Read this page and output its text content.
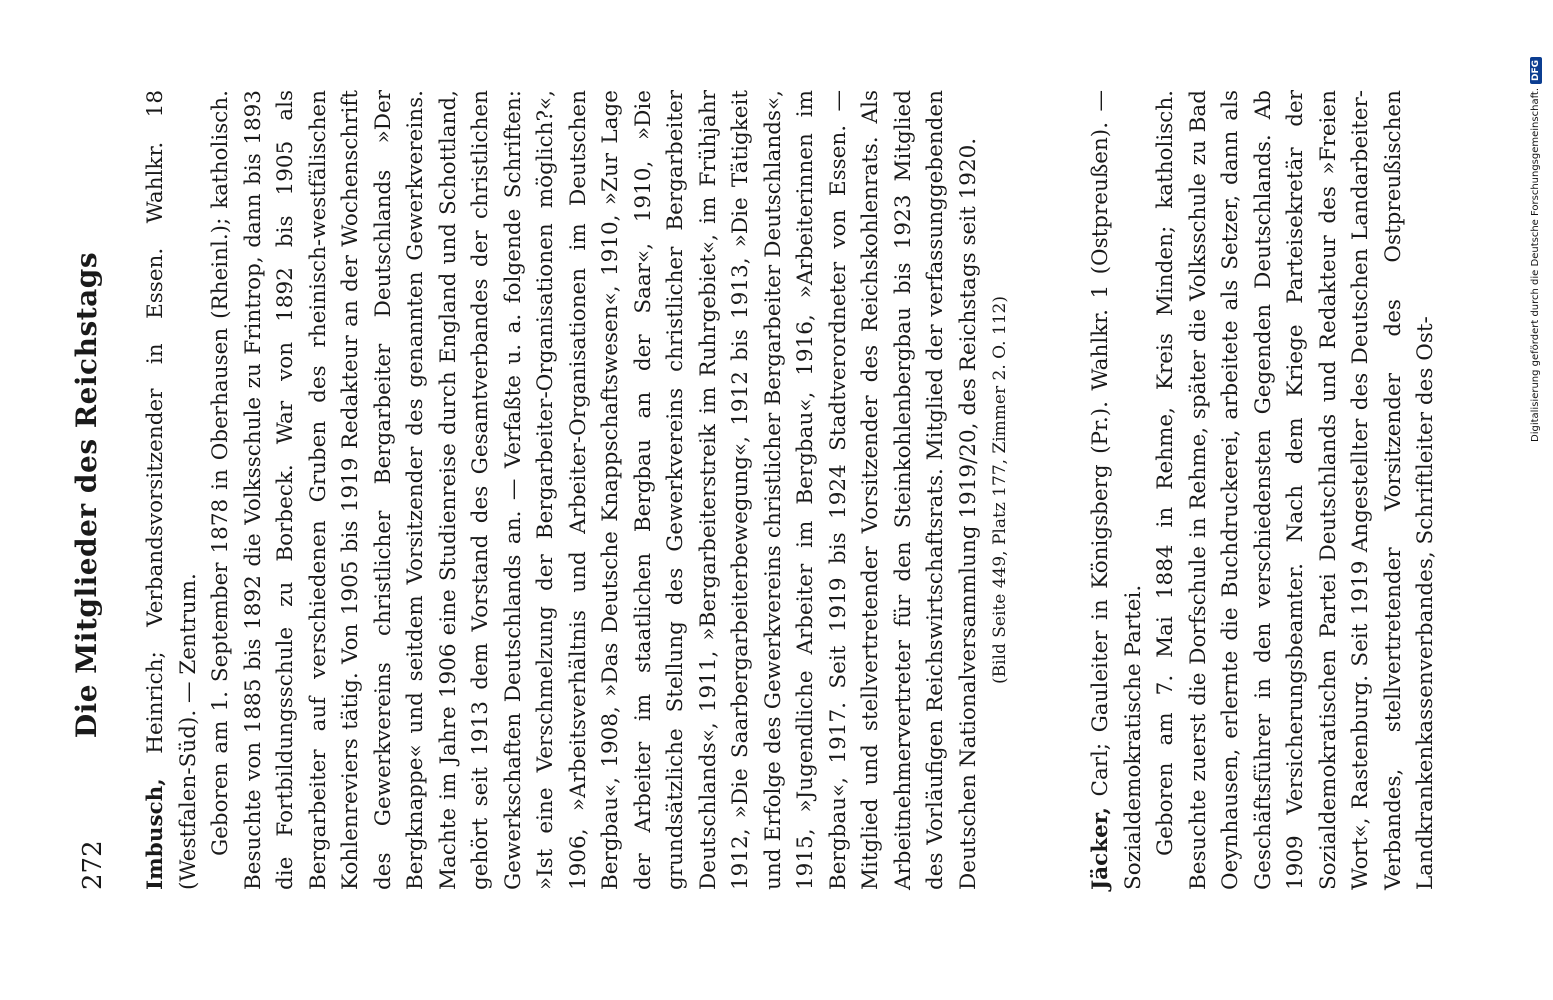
272
Die Mitglieder des Reichstags

Imbusch, Heinrich; Verbandsvorsitzender in Essen. Wahlkr. 18 (Westfalen-Süd). — Zentrum. Geboren am 1. September 1878 in Oberhausen (Rheinl.); katholisch. Besuchte von 1885 bis 1892 die Volksschule zu Frintrop, dann bis 1893 die Fortbildungsschule zu Borbeck. War von 1892 bis 1905 als Bergarbeiter auf verschiedenen Gruben des rheinisch-westfälischen Kohlenreviers tätig. Von 1905 bis 1919 Redakteur an der Wochenschrift des Gewerkvereins christlicher Bergarbeiter Deutschlands »Der Bergknappe« und seitdem Vorsitzender des genannten Gewerkvereins. Machte im Jahre 1906 eine Studienreise durch England und Schottland, gehört seit 1913 dem Vorstand des Gesamtverbandes der christlichen Gewerkschaften Deutschlands an. — Verfaßte u. a. folgende Schriften: »Ist eine Verschmelzung der Bergarbeiter-Organisationen möglich?«, 1906, »Arbeitsverhältnis und Arbeiter-Organisationen im Deutschen Bergbau«, 1908, »Das Deutsche Knappschaftswesen«, 1910, »Zur Lage der Arbeiter im staatlichen Bergbau an der Saar«, 1910, »Die grundsätzliche Stellung des Gewerkvereins christlicher Bergarbeiter Deutschlands«, 1911, »Bergarbeiterstreik im Ruhrgebiet«, im Frühjahr 1912, »Die Saarbergarbeiterbewegung«, 1912 bis 1913, »Die Tätigkeit und Erfolge des Gewerkvereins christlicher Bergarbeiter Deutschlands«, 1915, »Jugendliche Arbeiter im Bergbau«, 1916, »Arbeiterinnen im Bergbau«, 1917. Seit 1919 bis 1924 Stadtverordneter von Essen. — Mitglied und stellvertretender Vorsitzender des Reichskohlenrats. Als Arbeitnehmervertreter für den Steinkohlenbergbau bis 1923 Mitglied des Vorläufigen Reichswirtschaftsrats. Mitglied der verfassunggebenden Deutschen Nationalversammlung 1919/20, des Reichstags seit 1920. (Bild Seite 449, Platz 177, Zimmer 2. O. 112)

Jäcker, Carl; Gauleiter in Königsberg (Pr.). Wahlkr. 1 (Ostpreußen). — Sozialdemokratische Partei. Geboren am 7. Mai 1884 in Rehme, Kreis Minden; katholisch. Besuchte zuerst die Dorfschule in Rehme, später die Volksschule zu Bad Oeynhausen, erlernte die Buchdruckerei, arbeitete als Setzer, dann als Geschäftsführer in den verschiedensten Gegenden Deutschlands. Ab 1909 Versicherungsbeamter. Nach dem Kriege Parteisekretär der Sozialdemokratischen Partei Deutschlands und Redakteur des »Freien Wort«, Rastenburg. Seit 1919 Angestellter des Deutschen Landarbeiter-Verbandes, stellvertretender Vorsitzender des Ostpreußischen Landkrankenkassenverbandes, Schriftleiter des Ost-

Digitalisierung gefördert durch die Deutsche Forschungsgemeinschaft.
DFG
